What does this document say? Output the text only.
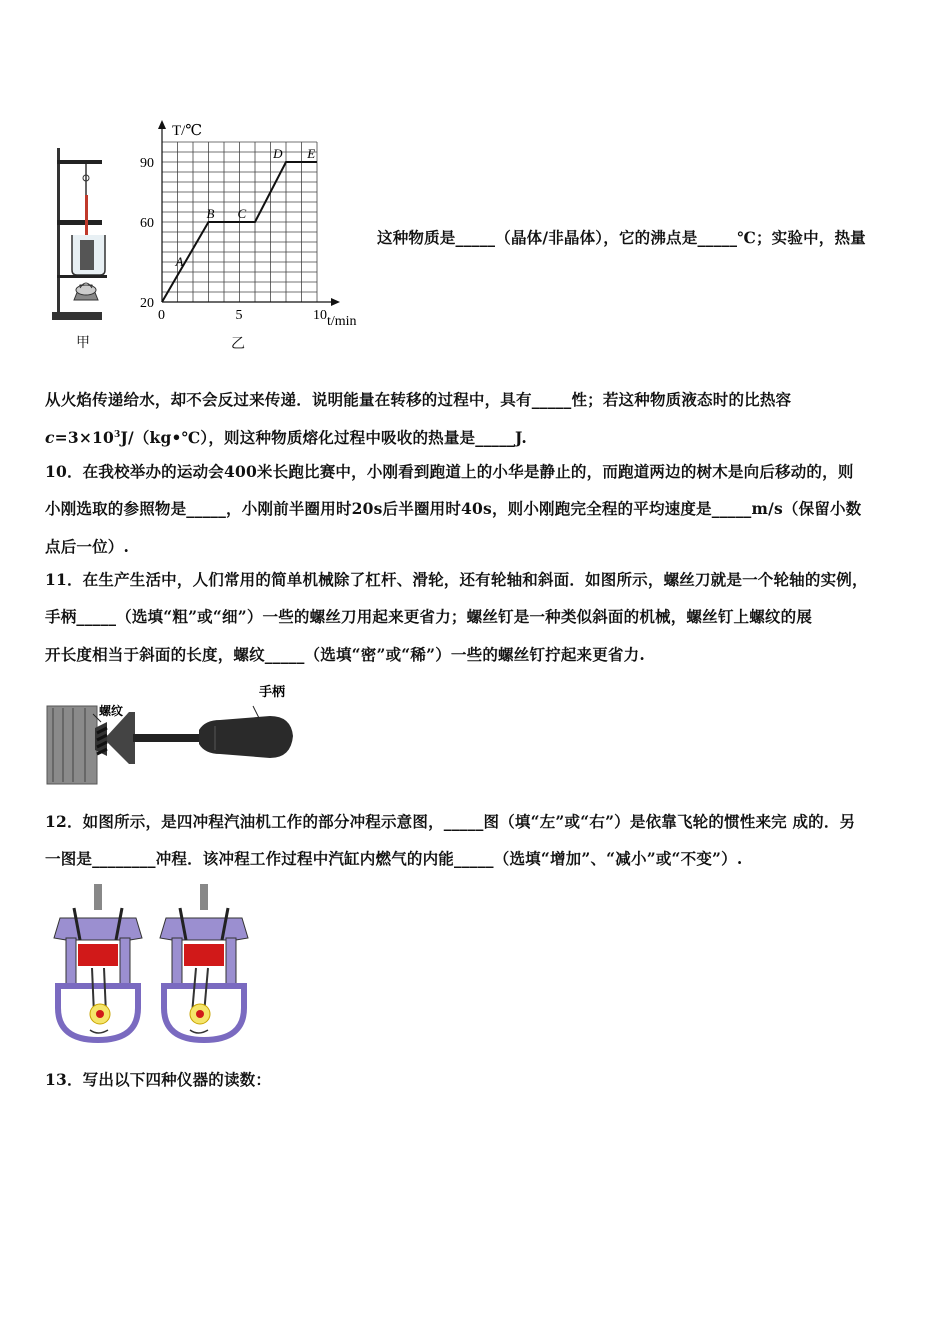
甲
0	5	10
20
60
90
A
B C
D E
T/℃
t/min
乙
这种物质是_____（晶体/非晶体），它的沸点是_____℃；实验中，热量
从火焰传递给水，却不会反过来传递．说明能量在转移的过程中，具有_____性；若这种物质液态时的比热容
$c=3\times 10^3J/(kg•℃)$，则这种物质熔化过程中吸收的热量是_____J.
10．在我校举办的运动会400米长跑比赛中，小刚看到跑道上的小华是静止的，而跑道两边的树木是向后移动的，则
小刚选取的参照物是_____，小刚前半圈用时20s后半圈用时40s，则小刚跑完全程的平均速度是_____m/s（保留小数
点后一位）.
11．在生产生活中，人们常用的简单机械除了杠杆、滑轮，还有轮轴和斜面．如图所示，螺丝刀就是一个轮轴的实例，
手柄_____（选填“粗”或“细”）一些的螺丝刀用起来更省力；螺丝钉是一种类似斜面的机械，螺丝钉上螺纹的展
开长度相当于斜面的长度，螺纹_____（选填“密”或“稀”）一些的螺丝钉拧起来更省力.
螺纹
手柄
12．如图所示，是四冲程汽油机工作的部分冲程示意图，_____图（填“左”或“右”）是依靠飞轮的惯性来完 成的．另
一图是________冲程．该冲程工作过程中汽缸内燃气的内能_____（选填“增加”、“减小”或“不变”）.
13．写出以下四种仪器的读数：
